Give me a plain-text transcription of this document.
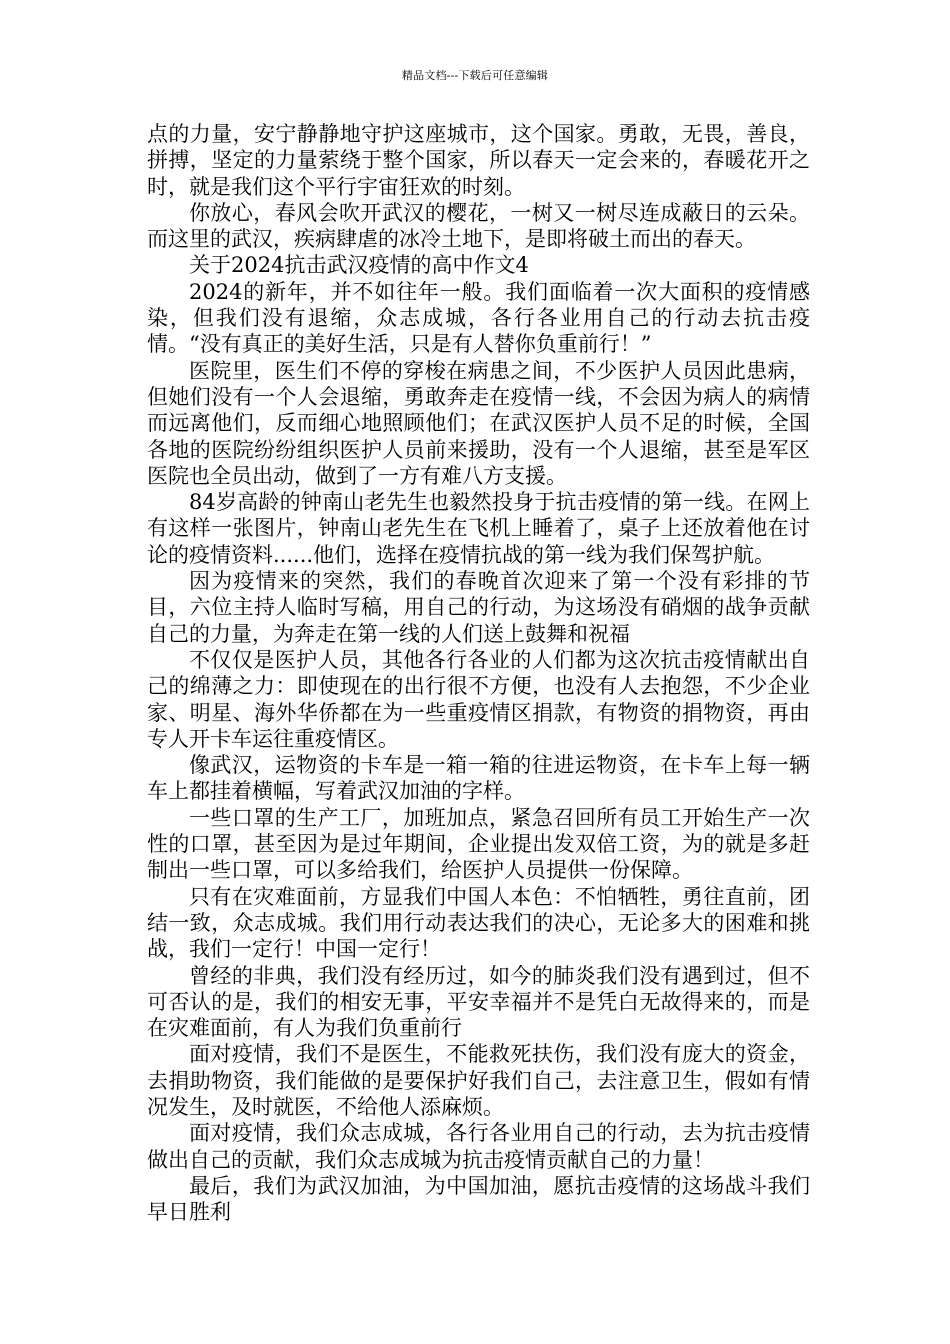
精品文档---下载后可任意编辑

点的力量，安宁静静地守护这座城市，这个国家。勇敢，无畏，善良，拼搏，坚定的力量萦绕于整个国家，所以春天一定会来的，春暖花开之时，就是我们这个平行宇宙狂欢的时刻。

你放心，春风会吹开武汉的樱花，一树又一树尽连成蔽日的云朵。而这里的武汉，疾病肆虐的冰冷土地下，是即将破土而出的春天。

关于2024抗击武汉疫情的高中作文4

2024的新年，并不如往年一般。我们面临着一次大面积的疫情感染，但我们没有退缩，众志成城，各行各业用自己的行动去抗击疫情。“没有真正的美好生活，只是有人替你负重前行！”

医院里，医生们不停的穿梭在病患之间，不少医护人员因此患病，但她们没有一个人会退缩，勇敢奔走在疫情一线，不会因为病人的病情而远离他们，反而细心地照顾他们；在武汉医护人员不足的时候，全国各地的医院纷纷组织医护人员前来援助，没有一个人退缩，甚至是军区医院也全员出动，做到了一方有难八方支援。

84岁高龄的钟南山老先生也毅然投身于抗击疫情的第一线。在网上有这样一张图片，钟南山老先生在飞机上睡着了，桌子上还放着他在讨论的疫情资料......他们，选择在疫情抗战的第一线为我们保驾护航。

因为疫情来的突然，我们的春晚首次迎来了第一个没有彩排的节目，六位主持人临时写稿，用自己的行动，为这场没有硝烟的战争贡献自己的力量，为奔走在第一线的人们送上鼓舞和祝福

不仅仅是医护人员，其他各行各业的人们都为这次抗击疫情献出自己的绵薄之力：即使现在的出行很不方便，也没有人去抱怨，不少企业家、明星、海外华侨都在为一些重疫情区捐款，有物资的捐物资，再由专人开卡车运往重疫情区。

像武汉，运物资的卡车是一箱一箱的往进运物资，在卡车上每一辆车上都挂着横幅，写着武汉加油的字样。

一些口罩的生产工厂，加班加点，紧急召回所有员工开始生产一次性的口罩，甚至因为是过年期间，企业提出发双倍工资，为的就是多赶制出一些口罩，可以多给我们，给医护人员提供一份保障。

只有在灾难面前，方显我们中国人本色：不怕牺牲，勇往直前，团结一致，众志成城。我们用行动表达我们的决心，无论多大的困难和挑战，我们一定行！中国一定行！

曾经的非典，我们没有经历过，如今的肺炎我们没有遇到过，但不可否认的是，我们的相安无事，平安幸福并不是凭白无故得来的，而是在灾难面前，有人为我们负重前行

面对疫情，我们不是医生，不能救死扶伤，我们没有庞大的资金，去捐助物资，我们能做的是要保护好我们自己，去注意卫生，假如有情况发生，及时就医，不给他人添麻烦。

面对疫情，我们众志成城，各行各业用自己的行动，去为抗击疫情做出自己的贡献，我们众志成城为抗击疫情贡献自己的力量！

最后，我们为武汉加油，为中国加油，愿抗击疫情的这场战斗我们早日胜利
